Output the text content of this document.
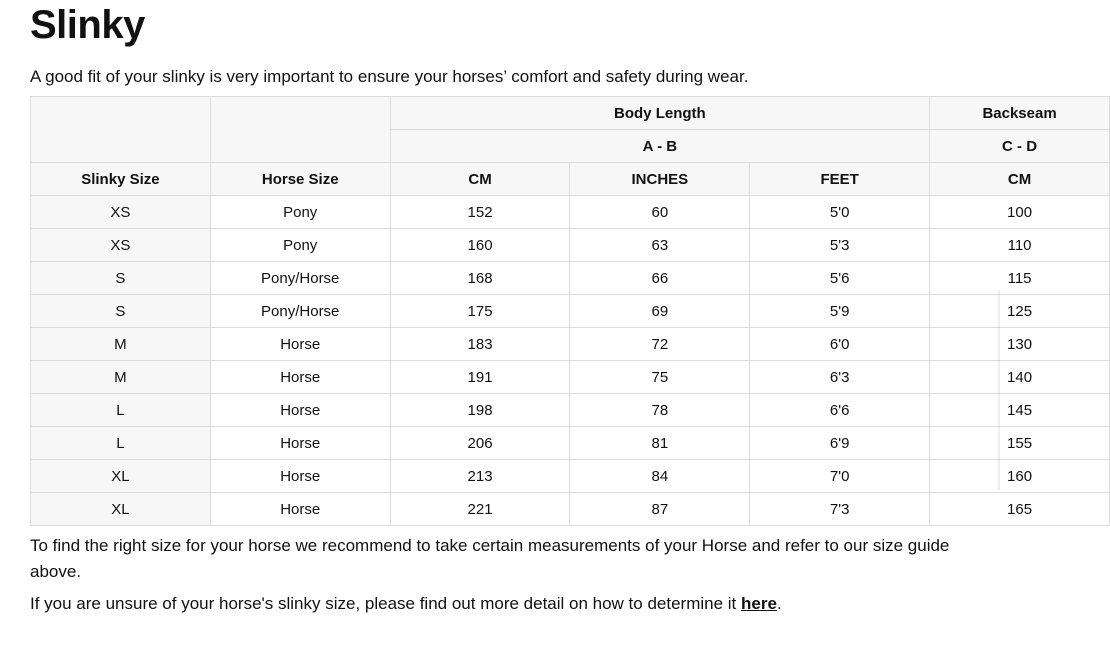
Slinky

A good fit of your slinky is very important to ensure your horses’ comfort and safety during wear.

		Body Length			Backseam
		A - B			C - D
Slinky Size	Horse Size	CM	INCHES	FEET	CM
XS	Pony	152	60	5'0	100
XS	Pony	160	63	5'3	110
S	Pony/Horse	168	66	5'6	115
S	Pony/Horse	175	69	5'9	125
M	Horse	183	72	6'0	130
M	Horse	191	75	6'3	140
L	Horse	198	78	6'6	145
L	Horse	206	81	6'9	155
XL	Horse	213	84	7'0	160
XL	Horse	221	87	7'3	165

To find the right size for your horse we recommend to take certain measurements of your Horse and refer to our size guide above.

If you are unsure of your horse's slinky size, please find out more detail on how to determine it here.
